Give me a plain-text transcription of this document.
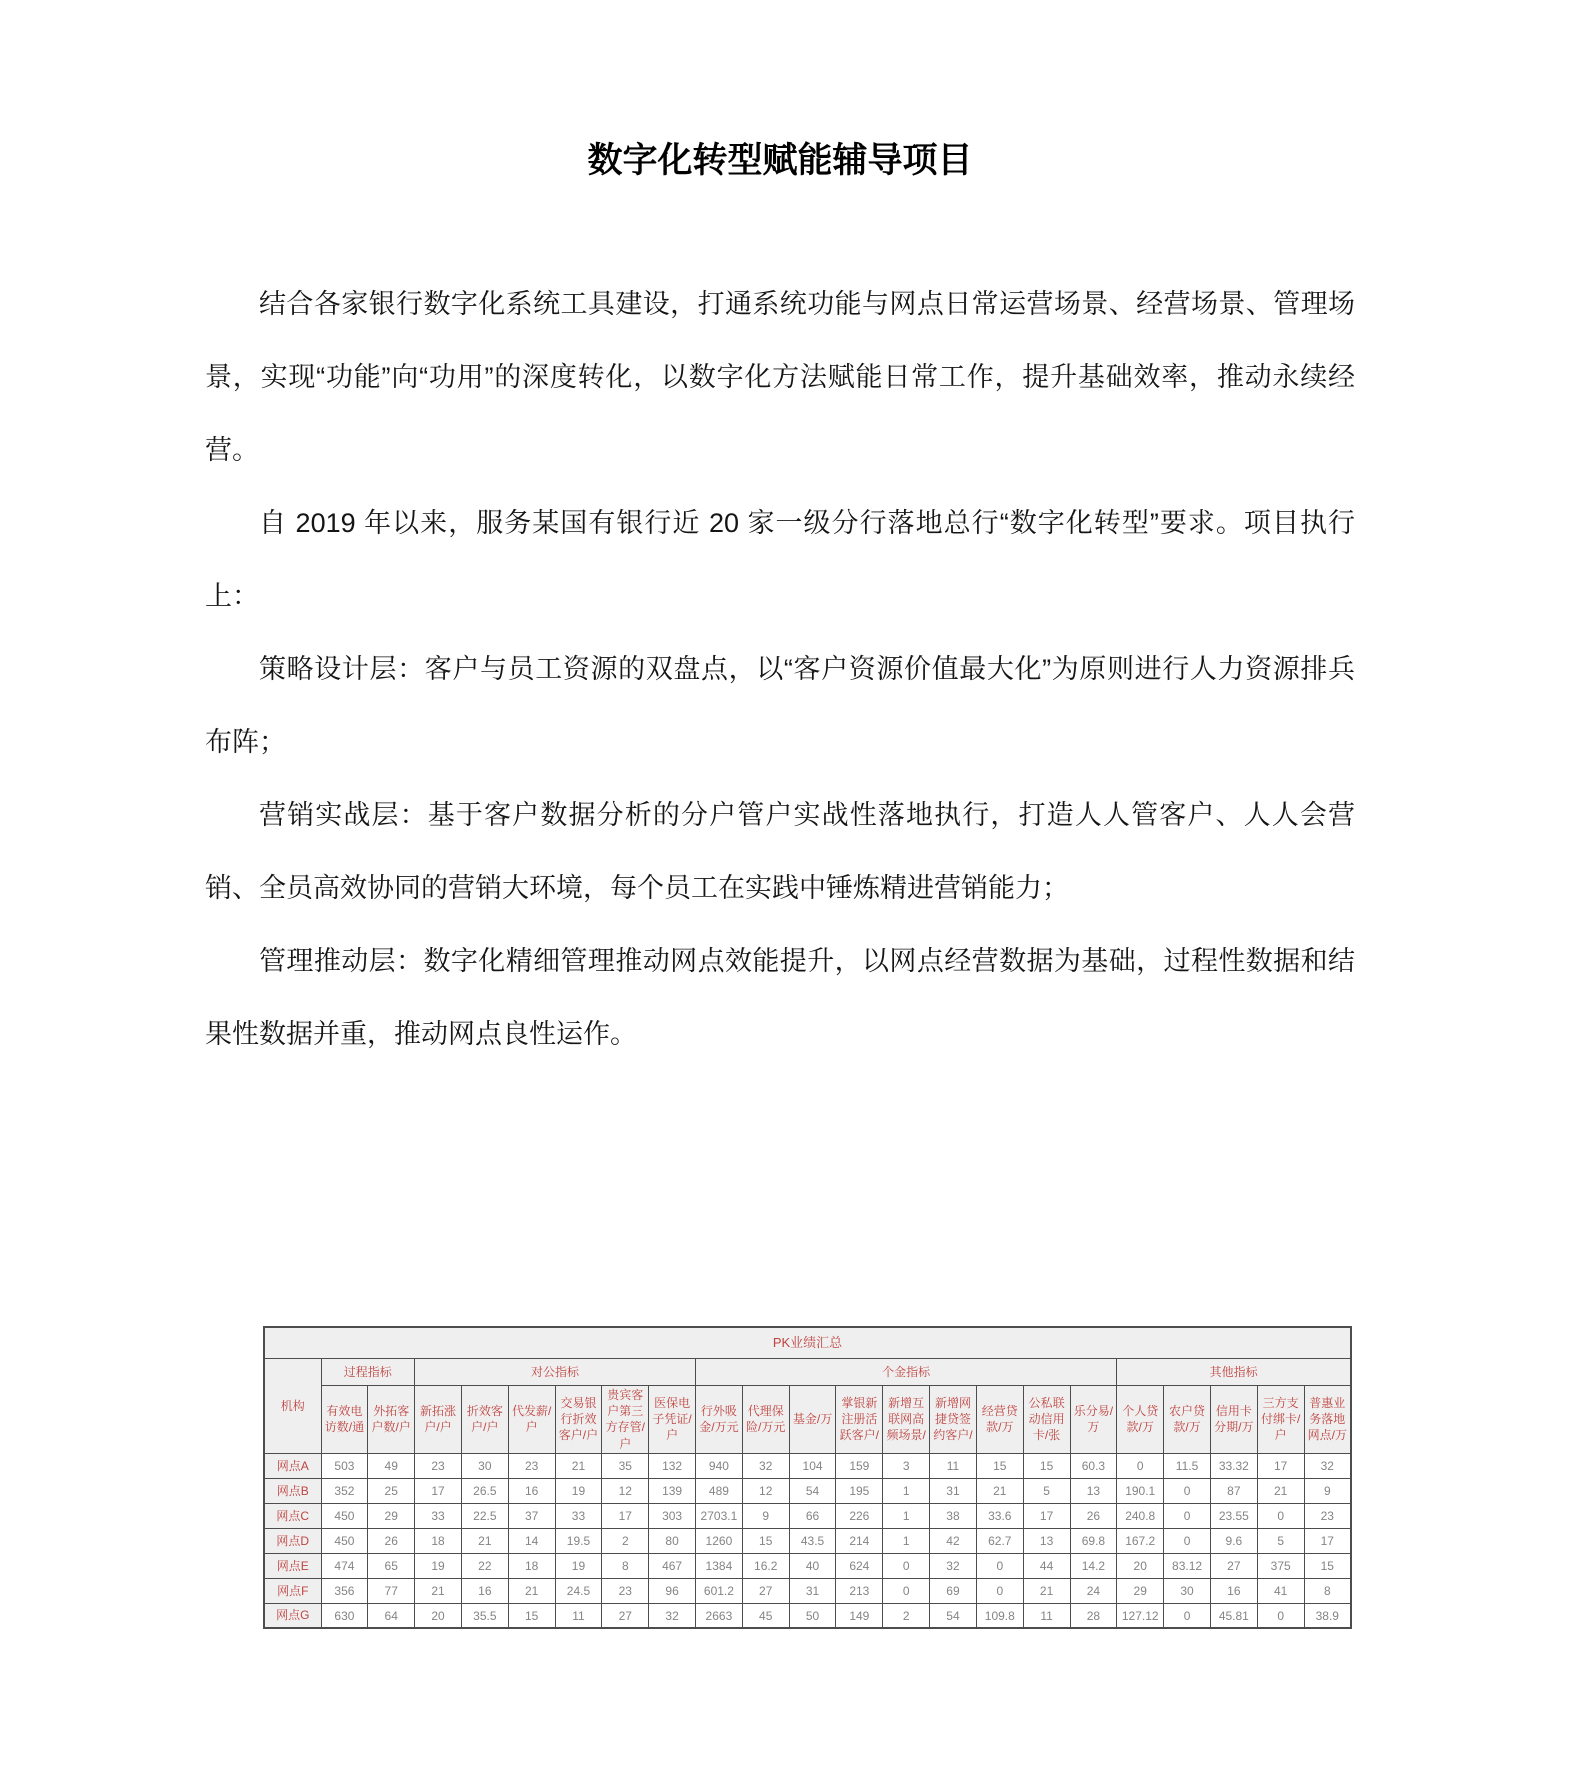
数字化转型赋能辅导项目

结合各家银行数字化系统工具建设，打通系统功能与网点日常运营场景、经营场景、管理场景，实现“功能”向“功用”的深度转化，以数字化方法赋能日常工作，提升基础效率，推动永续经营。

自 2019 年以来，服务某国有银行近 20 家一级分行落地总行“数字化转型”要求。项目执行上：

策略设计层：客户与员工资源的双盘点，以“客户资源价值最大化”为原则进行人力资源排兵布阵；

营销实战层：基于客户数据分析的分户管户实战性落地执行，打造人人管客户、人人会营销、全员高效协同的营销大环境，每个员工在实践中锤炼精进营销能力；

管理推动层：数字化精细管理推动网点效能提升，以网点经营数据为基础，过程性数据和结果性数据并重，推动网点良性运作。

PK业绩汇总																						
机构	过程指标		对公指标						个金指标									其他指标				
	有效电访数/通	外拓客户数/户	新拓涨户/户	折效客户/户	代发薪/户	交易银行折效客户/户	贵宾客户第三方存管/户	医保电子凭证/户	行外吸金/万元	代理保险/万元	基金/万	掌银新注册活跃客户/	新增互联网高频场景/	新增网捷贷签约客户/	经营贷款/万	公私联动信用卡/张	乐分易/万	个人贷款/万	农户贷款/万	信用卡分期/万	三方支付绑卡/户	普惠业务落地网点/万
网点A	503	49	23	30	23	21	35	132	940	32	104	159	3	11	15	15	60.3	0	11.5	33.32	17	32
网点B	352	25	17	26.5	16	19	12	139	489	12	54	195	1	31	21	5	13	190.1	0	87	21	9
网点C	450	29	33	22.5	37	33	17	303	2703.1	9	66	226	1	38	33.6	17	26	240.8	0	23.55	0	23
网点D	450	26	18	21	14	19.5	2	80	1260	15	43.5	214	1	42	62.7	13	69.8	167.2	0	9.6	5	17
网点E	474	65	19	22	18	19	8	467	1384	16.2	40	624	0	32	0	44	14.2	20	83.12	27	375	15
网点F	356	77	21	16	21	24.5	23	96	601.2	27	31	213	0	69	0	21	24	29	30	16	41	8
网点G	630	64	20	35.5	15	11	27	32	2663	45	50	149	2	54	109.8	11	28	127.12	0	45.81	0	38.9
